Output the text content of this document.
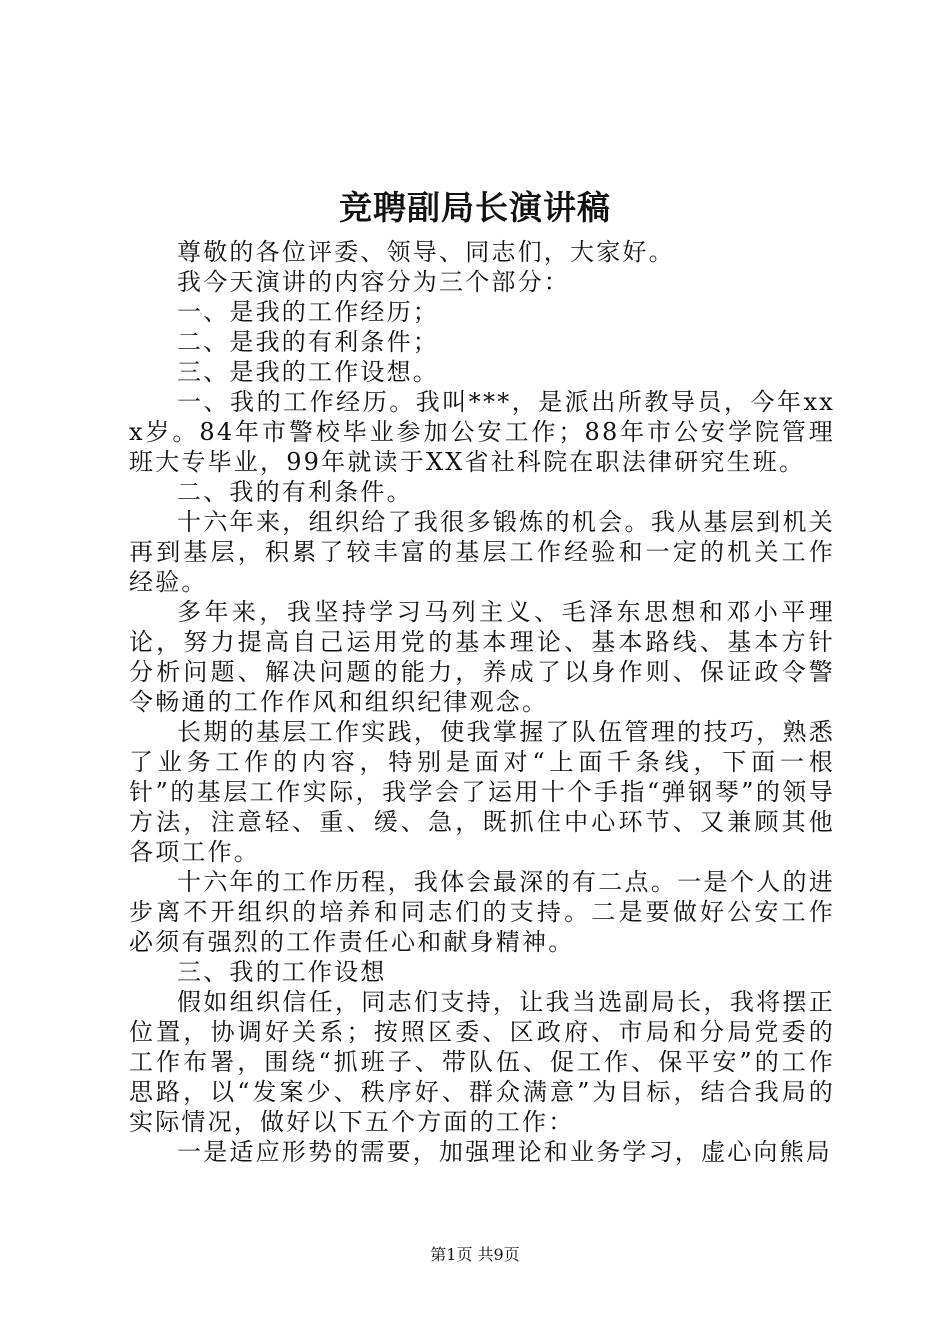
竞聘副局长演讲稿

尊敬的各位评委、领导、同志们，大家好。

我今天演讲的内容分为三个部分：

一、是我的工作经历；

二、是我的有利条件；

三、是我的工作设想。

一、我的工作经历。我叫***，是派出所教导员，今年xxx岁。84年市警校毕业参加公安工作；88年市公安学院管理班大专毕业，99年就读于XX省社科院在职法律研究生班。

二、我的有利条件。

十六年来，组织给了我很多锻炼的机会。我从基层到机关再到基层，积累了较丰富的基层工作经验和一定的机关工作经验。

多年来，我坚持学习马列主义、毛泽东思想和邓小平理论，努力提高自己运用党的基本理论、基本路线、基本方针分析问题、解决问题的能力，养成了以身作则、保证政令警令畅通的工作作风和组织纪律观念。

长期的基层工作实践，使我掌握了队伍管理的技巧，熟悉了业务工作的内容，特别是面对“上面千条线，下面一根针”的基层工作实际，我学会了运用十个手指“弹钢琴”的领导方法，注意轻、重、缓、急，既抓住中心环节、又兼顾其他各项工作。

十六年的工作历程，我体会最深的有二点。一是个人的进步离不开组织的培养和同志们的支持。二是要做好公安工作必须有强烈的工作责任心和献身精神。

三、我的工作设想

假如组织信任，同志们支持，让我当选副局长，我将摆正位置，协调好关系；按照区委、区政府、市局和分局党委的工作布署，围绕“抓班子、带队伍、促工作、保平安”的工作思路，以“发案少、秩序好、群众满意”为目标，结合我局的实际情况，做好以下五个方面的工作：

一是适应形势的需要，加强理论和业务学习，虚心向熊局

第1页 共9页
